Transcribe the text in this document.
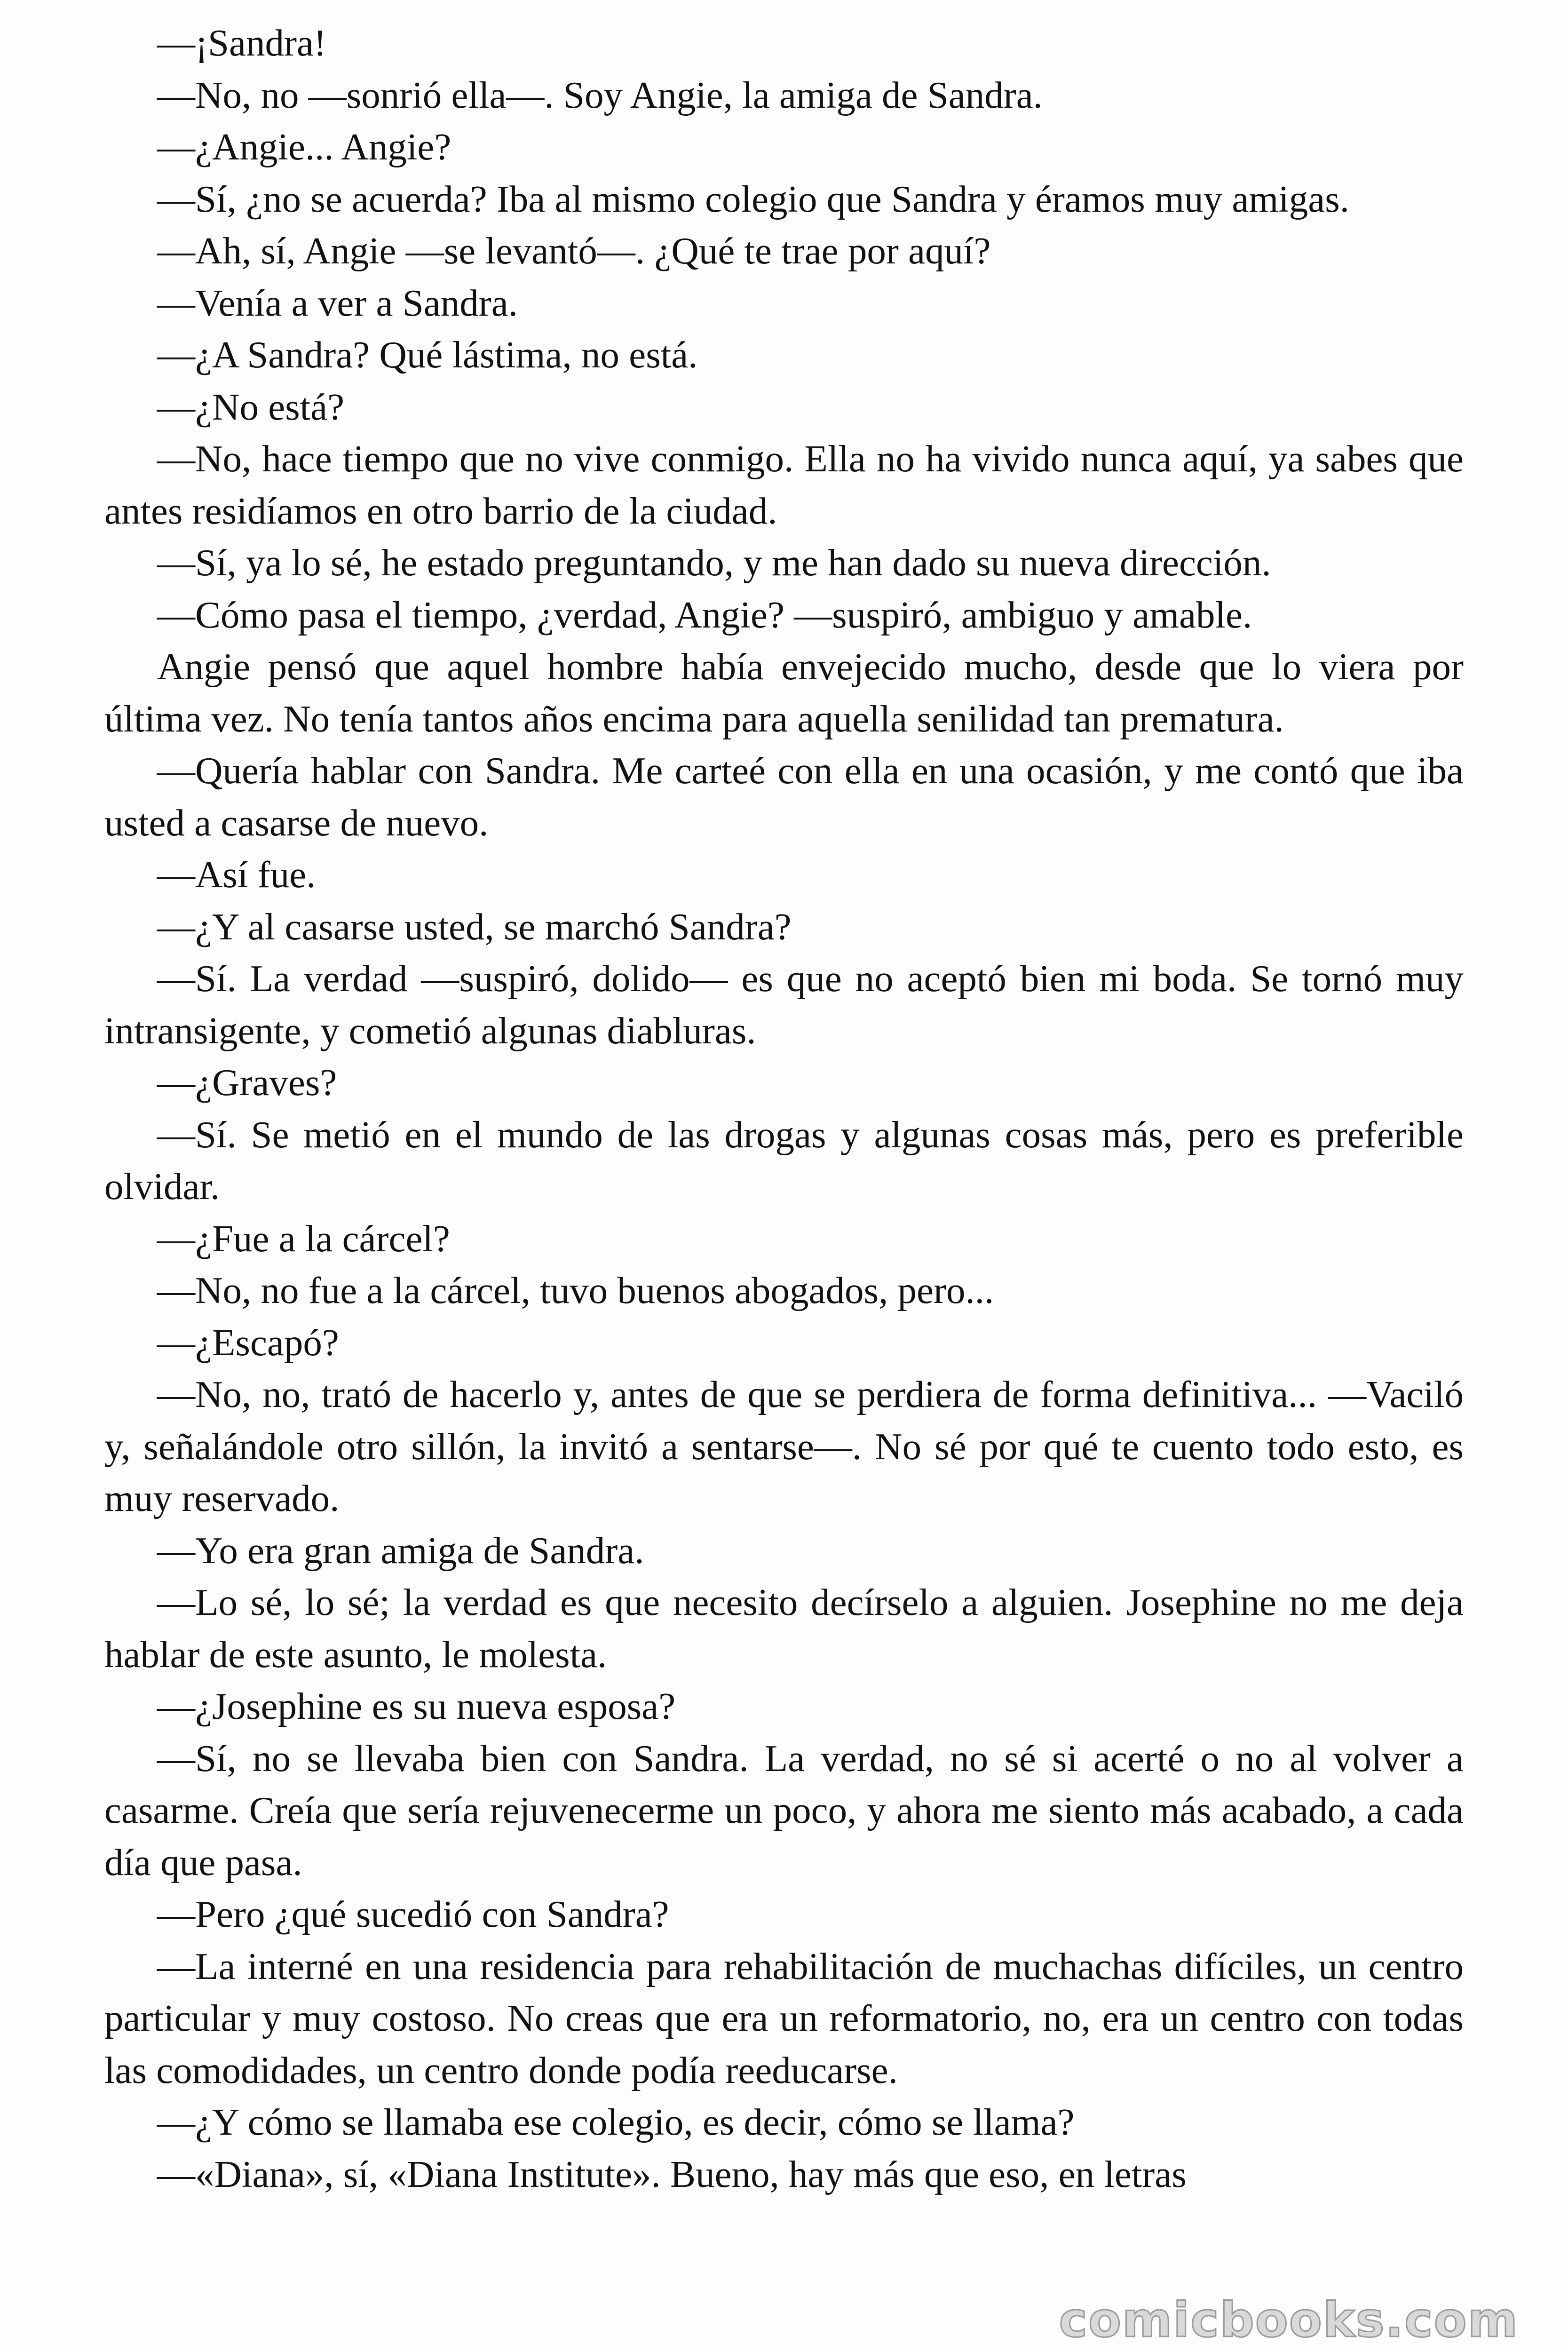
—¡Sandra!

—No, no —sonrió ella—. Soy Angie, la amiga de Sandra.

—¿Angie... Angie?

—Sí, ¿no se acuerda? Iba al mismo colegio que Sandra y éramos muy amigas.

—Ah, sí, Angie —se levantó—. ¿Qué te trae por aquí?

—Venía a ver a Sandra.

—¿A Sandra? Qué lástima, no está.

—¿No está?

—No, hace tiempo que no vive conmigo. Ella no ha vivido nunca aquí, ya sabes que antes residíamos en otro barrio de la ciudad.

—Sí, ya lo sé, he estado preguntando, y me han dado su nueva dirección.

—Cómo pasa el tiempo, ¿verdad, Angie? —suspiró, ambiguo y amable.

Angie pensó que aquel hombre había envejecido mucho, desde que lo viera por última vez. No tenía tantos años encima para aquella senilidad tan prematura.

—Quería hablar con Sandra. Me carteé con ella en una ocasión, y me contó que iba usted a casarse de nuevo.

—Así fue.

—¿Y al casarse usted, se marchó Sandra?

—Sí. La verdad —suspiró, dolido— es que no aceptó bien mi boda. Se tornó muy intransigente, y cometió algunas diabluras.

—¿Graves?

—Sí. Se metió en el mundo de las drogas y algunas cosas más, pero es preferible olvidar.

—¿Fue a la cárcel?

—No, no fue a la cárcel, tuvo buenos abogados, pero...

—¿Escapó?

—No, no, trató de hacerlo y, antes de que se perdiera de forma definitiva... —Vaciló y, señalándole otro sillón, la invitó a sentarse—. No sé por qué te cuento todo esto, es muy reservado.

—Yo era gran amiga de Sandra.

—Lo sé, lo sé; la verdad es que necesito decírselo a alguien. Josephine no me deja hablar de este asunto, le molesta.

—¿Josephine es su nueva esposa?

—Sí, no se llevaba bien con Sandra. La verdad, no sé si acerté o no al volver a casarme. Creía que sería rejuvenecerme un poco, y ahora me siento más acabado, a cada día que pasa.

—Pero ¿qué sucedió con Sandra?

—La interné en una residencia para rehabilitación de muchachas difíciles, un centro particular y muy costoso. No creas que era un reformatorio, no, era un centro con todas las comodidades, un centro donde podía reeducarse.

—¿Y cómo se llamaba ese colegio, es decir, cómo se llama?

—«Diana», sí, «Diana Institute». Bueno, hay más que eso, en letras

comicbooks.com
